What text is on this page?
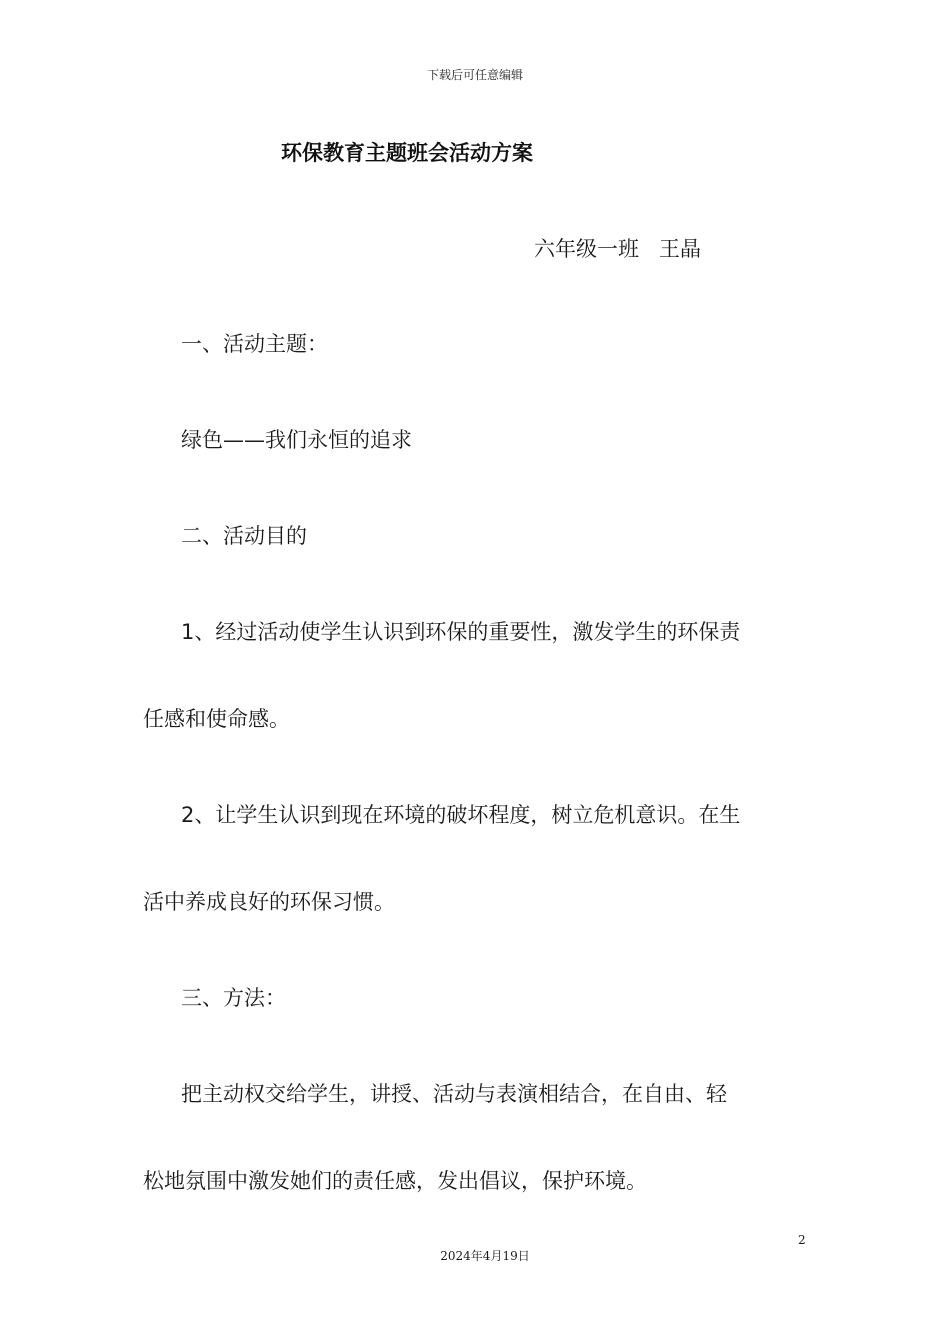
下载后可任意编辑
环保教育主题班会活动方案
六年级一班 王晶
一、活动主题：
绿色——我们永恒的追求
二、活动目的
1、经过活动使学生认识到环保的重要性，激发学生的环保责
任感和使命感。
2、让学生认识到现在环境的破坏程度，树立危机意识。在生
活中养成良好的环保习惯。
三、方法：
把主动权交给学生，讲授、活动与表演相结合，在自由、轻
松地氛围中激发她们的责任感，发出倡议，保护环境。
2
2024年4月19日
